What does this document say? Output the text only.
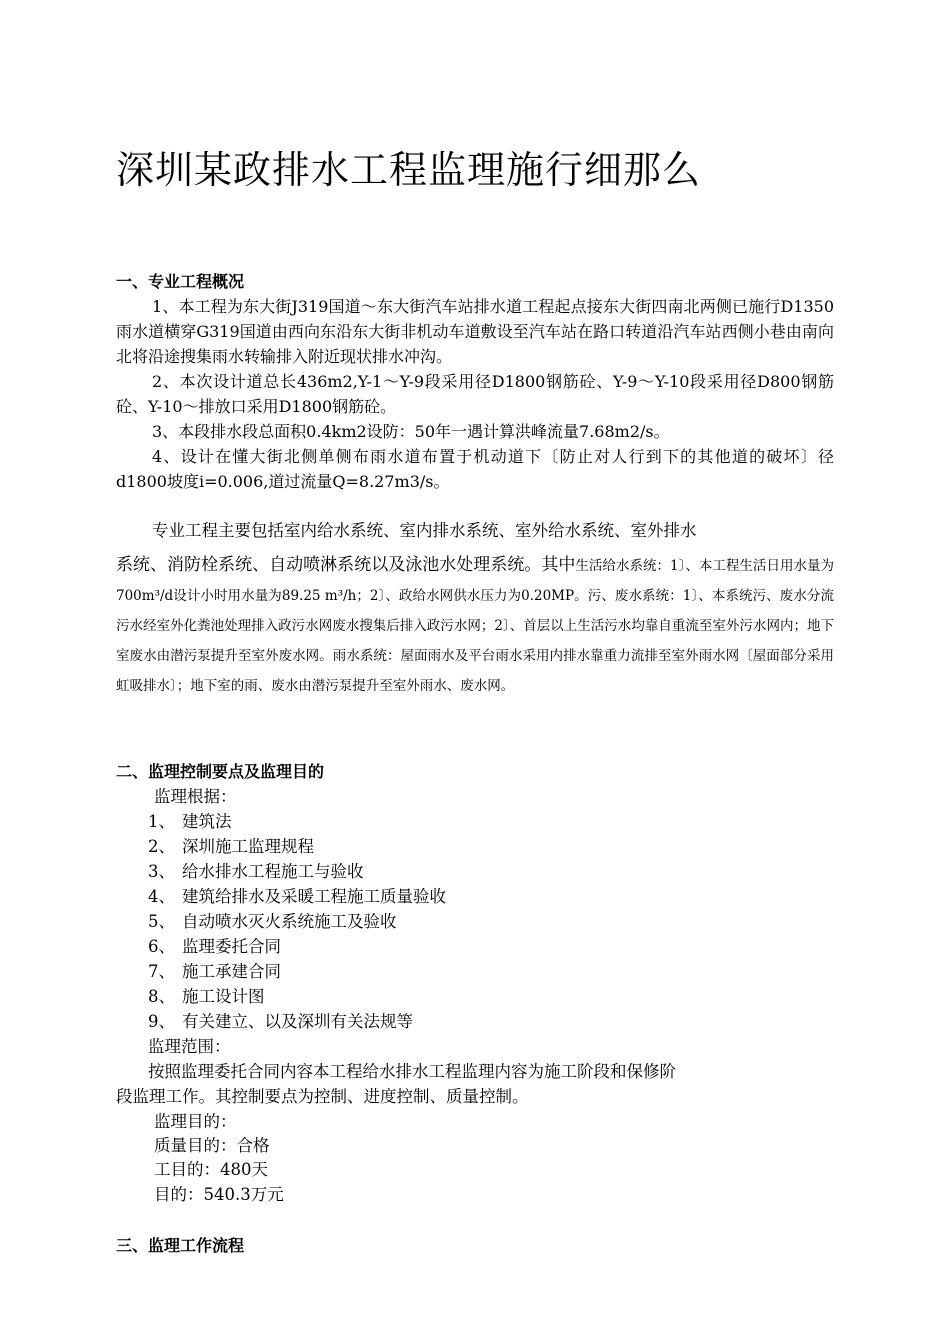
深圳某政排水工程监理施行细那么
一、专业工程概况
1、本工程为东大街J319国道～东大街汽车站排水道工程起点接东大街四南北两侧已施行D1350雨水道横穿G319国道由西向东沿东大街非机动车道敷设至汽车站在路口转道沿汽车站西侧小巷由南向北将沿途搜集雨水转输排入附近现状排水冲沟。
2、本次设计道总长436m2,Y-1～Y-9段采用径D1800钢筋砼、Y-9～Y-10段采用径D800钢筋砼、Y-10～排放口采用D1800钢筋砼。
3、本段排水段总面积0.4km2设防：50年一遇计算洪峰流量7.68m2/s。
4、设计在懂大街北侧单侧布雨水道布置于机动道下〔防止对人行到下的其他道的破坏〕径d1800坡度i=0.006,道过流量Q=8.27m3/s。
专业工程主要包括室内给水系统、室内排水系统、室外给水系统、室外排水
系统、消防栓系统、自动喷淋系统以及泳池水处理系统。其中生活给水系统：1〕、本工程生活日用水量为700m³/d设计小时用水量为89.25 m³/h；2〕、政给水网供水压力为0.20MP。污、废水系统：1〕、本系统污、废水分流污水经室外化粪池处理排入政污水网废水搜集后排入政污水网；2〕、首层以上生活污水均靠自重流至室外污水网内；地下室废水由潜污泵提升至室外废水网。雨水系统：屋面雨水及平台雨水采用内排水靠重力流排至室外雨水网〔屋面部分采用虹吸排水〕；地下室的雨、废水由潜污泵提升至室外雨水、废水网。
二、监理控制要点及监理目的
监理根据：
1、 建筑法
2、 深圳施工监理规程
3、 给水排水工程施工与验收
4、 建筑给排水及采暖工程施工质量验收
5、 自动喷水灭火系统施工及验收
6、 监理委托合同
7、 施工承建合同
8、 施工设计图
9、 有关建立、以及深圳有关法规等
监理范围：
按照监理委托合同内容本工程给水排水工程监理内容为施工阶段和保修阶
段监理工作。其控制要点为控制、进度控制、质量控制。
监理目的：
质量目的：合格
工目的：480天
目的：540.3万元
三、监理工作流程
